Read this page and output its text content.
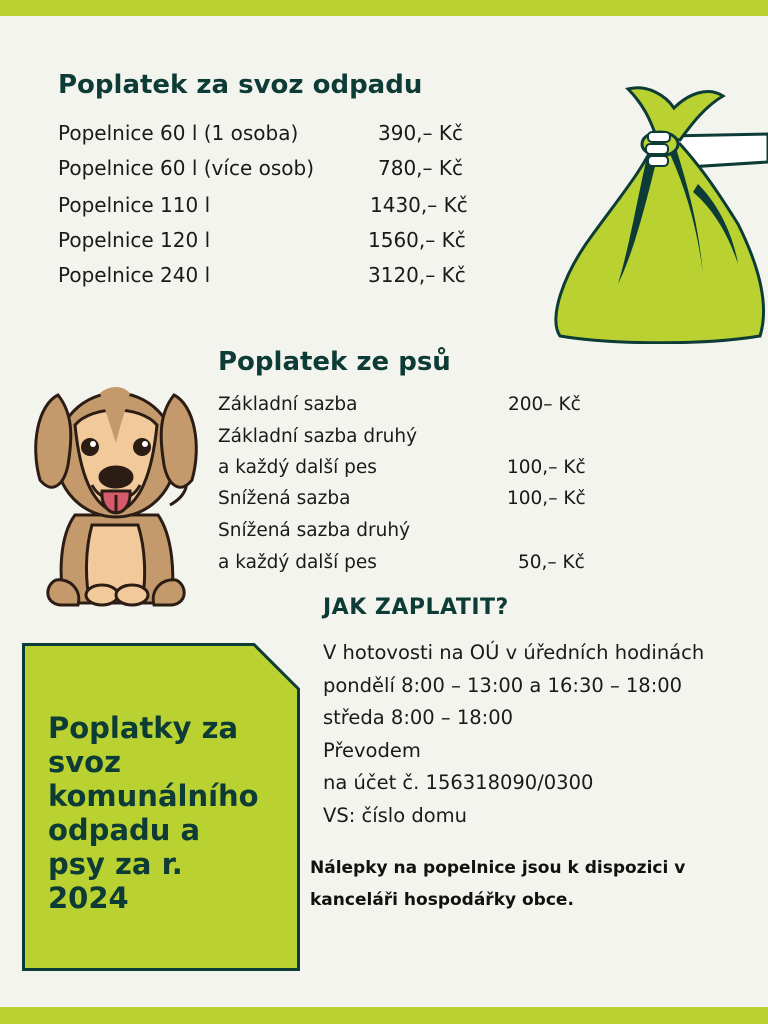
Poplatek za svoz odpadu
Popelnice 60 l (1 osoba)	390,– Kč
Popelnice 60 l (více osob)	780,– Kč
Popelnice 110 l	1430,– Kč
Popelnice 120 l	1560,– Kč
Popelnice 240 l	3120,– Kč
Poplatek ze psů
Základní sazba	200– Kč
Základní sazba druhý
a každý další pes	100,– Kč
Snížená sazba	100,– Kč
Snížená sazba druhý
a každý další pes	50,– Kč
JAK ZAPLATIT?
V hotovosti na OÚ v úředních hodinách
pondělí 8:00 – 13:00 a 16:30 – 18:00
středa 8:00 – 18:00
Převodem
na účet č. 156318090/0300
VS: číslo domu
Nálepky na popelnice jsou k dispozici v kanceláři hospodářky obce.
Poplatky za
svoz
komunálního
odpadu a
psy za r.
2024
